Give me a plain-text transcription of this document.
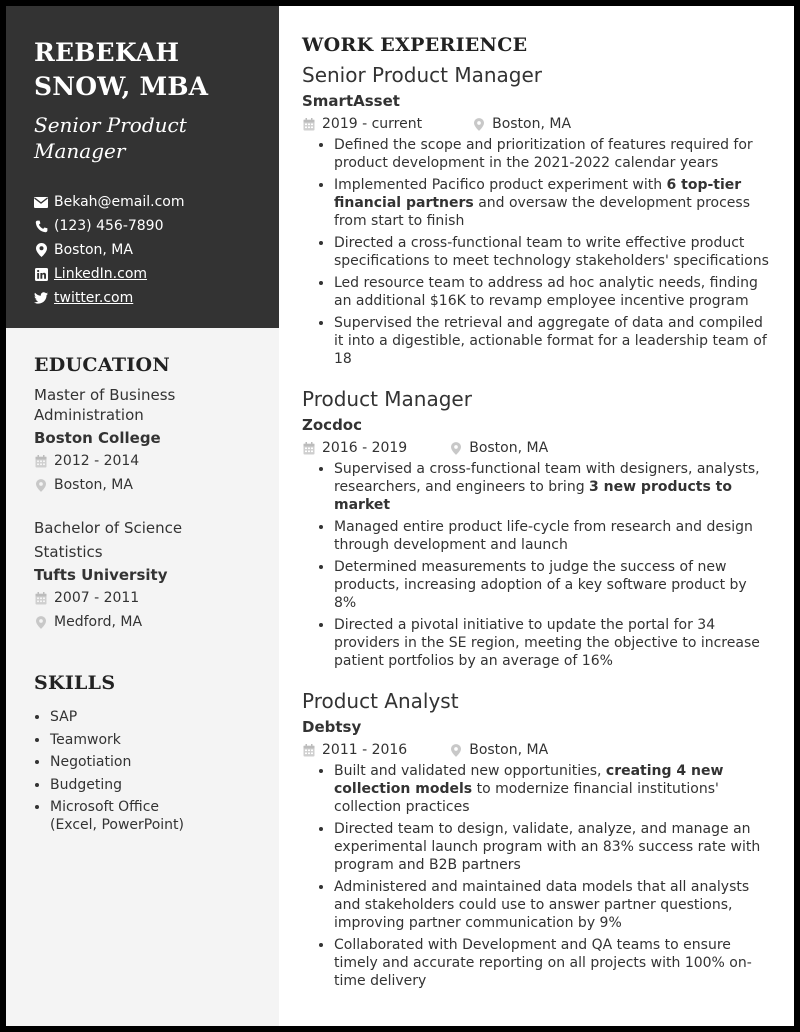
REBEKAH SNOW, MBA
Senior Product Manager
Bekah@email.com
(123) 456-7890
Boston, MA
LinkedIn.com
twitter.com
EDUCATION
Master of Business Administration
Boston College
2012 - 2014
Boston, MA
Bachelor of Science
Statistics
Tufts University
2007 - 2011
Medford, MA
SKILLS
• SAP
• Teamwork
• Negotiation
• Budgeting
• Microsoft Office (Excel, PowerPoint)
WORK EXPERIENCE
Senior Product Manager
SmartAsset
2019 - current	Boston, MA
• Defined the scope and prioritization of features required for product development in the 2021-2022 calendar years
• Implemented Pacifico product experiment with 6 top-tier financial partners and oversaw the development process from start to finish
• Directed a cross-functional team to write effective product specifications to meet technology stakeholders' specifications
• Led resource team to address ad hoc analytic needs, finding an additional $16K to revamp employee incentive program
• Supervised the retrieval and aggregate of data and compiled it into a digestible, actionable format for a leadership team of 18
Product Manager
Zocdoc
2016 - 2019	Boston, MA
• Supervised a cross-functional team with designers, analysts, researchers, and engineers to bring 3 new products to market
• Managed entire product life-cycle from research and design through development and launch
• Determined measurements to judge the success of new products, increasing adoption of a key software product by 8%
• Directed a pivotal initiative to update the portal for 34 providers in the SE region, meeting the objective to increase patient portfolios by an average of 16%
Product Analyst
Debtsy
2011 - 2016	Boston, MA
• Built and validated new opportunities, creating 4 new collection models to modernize financial institutions' collection practices
• Directed team to design, validate, analyze, and manage an experimental launch program with an 83% success rate with program and B2B partners
• Administered and maintained data models that all analysts and stakeholders could use to answer partner questions, improving partner communication by 9%
• Collaborated with Development and QA teams to ensure timely and accurate reporting on all projects with 100% on-time delivery
